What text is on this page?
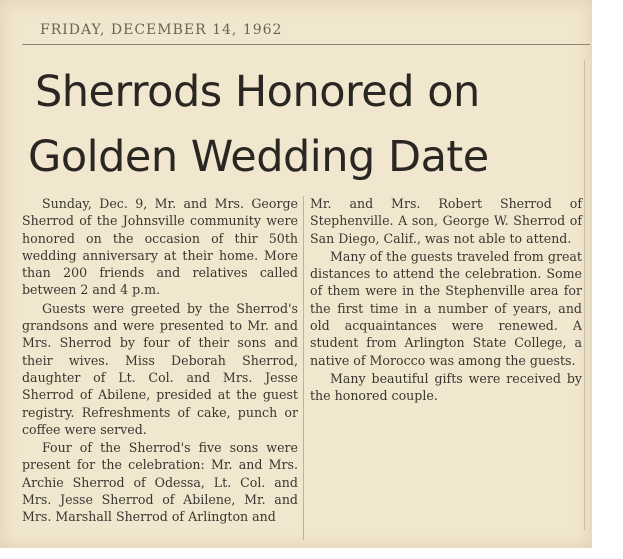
FRIDAY, DECEMBER 14, 1962
Sherrods Honored on
Golden Wedding Date

Sunday, Dec. 9, Mr. and Mrs. George Sherrod of the Johnsville community were honored on the occasion of thir 50th wedding anniversary at their home. More than 200 friends and relatives called between 2 and 4 p.m.

Guests were greeted by the Sherrod's grandsons and were presented to Mr. and Mrs. Sherrod by four of their sons and their wives. Miss Deborah Sherrod, daughter of Lt. Col. and Mrs. Jesse Sherrod of Abilene, presided at the guest registry. Refreshments of cake, punch or coffee were served.

Four of the Sherrod's five sons were present for the celebration: Mr. and Mrs. Archie Sherrod of Odessa, Lt. Col. and Mrs. Jesse Sherrod of Abilene, Mr. and Mrs. Marshall Sherrod of Arlington and

Mr. and Mrs. Robert Sherrod of Stephenville. A son, George W. Sherrod of San Diego, Calif., was not able to attend.

Many of the guests traveled from great distances to attend the celebration. Some of them were in the Stephenville area for the first time in a number of years, and old acquaintances were renewed. A student from Arlington State College, a native of Morocco was among the guests.

Many beautiful gifts were received by the honored couple.
